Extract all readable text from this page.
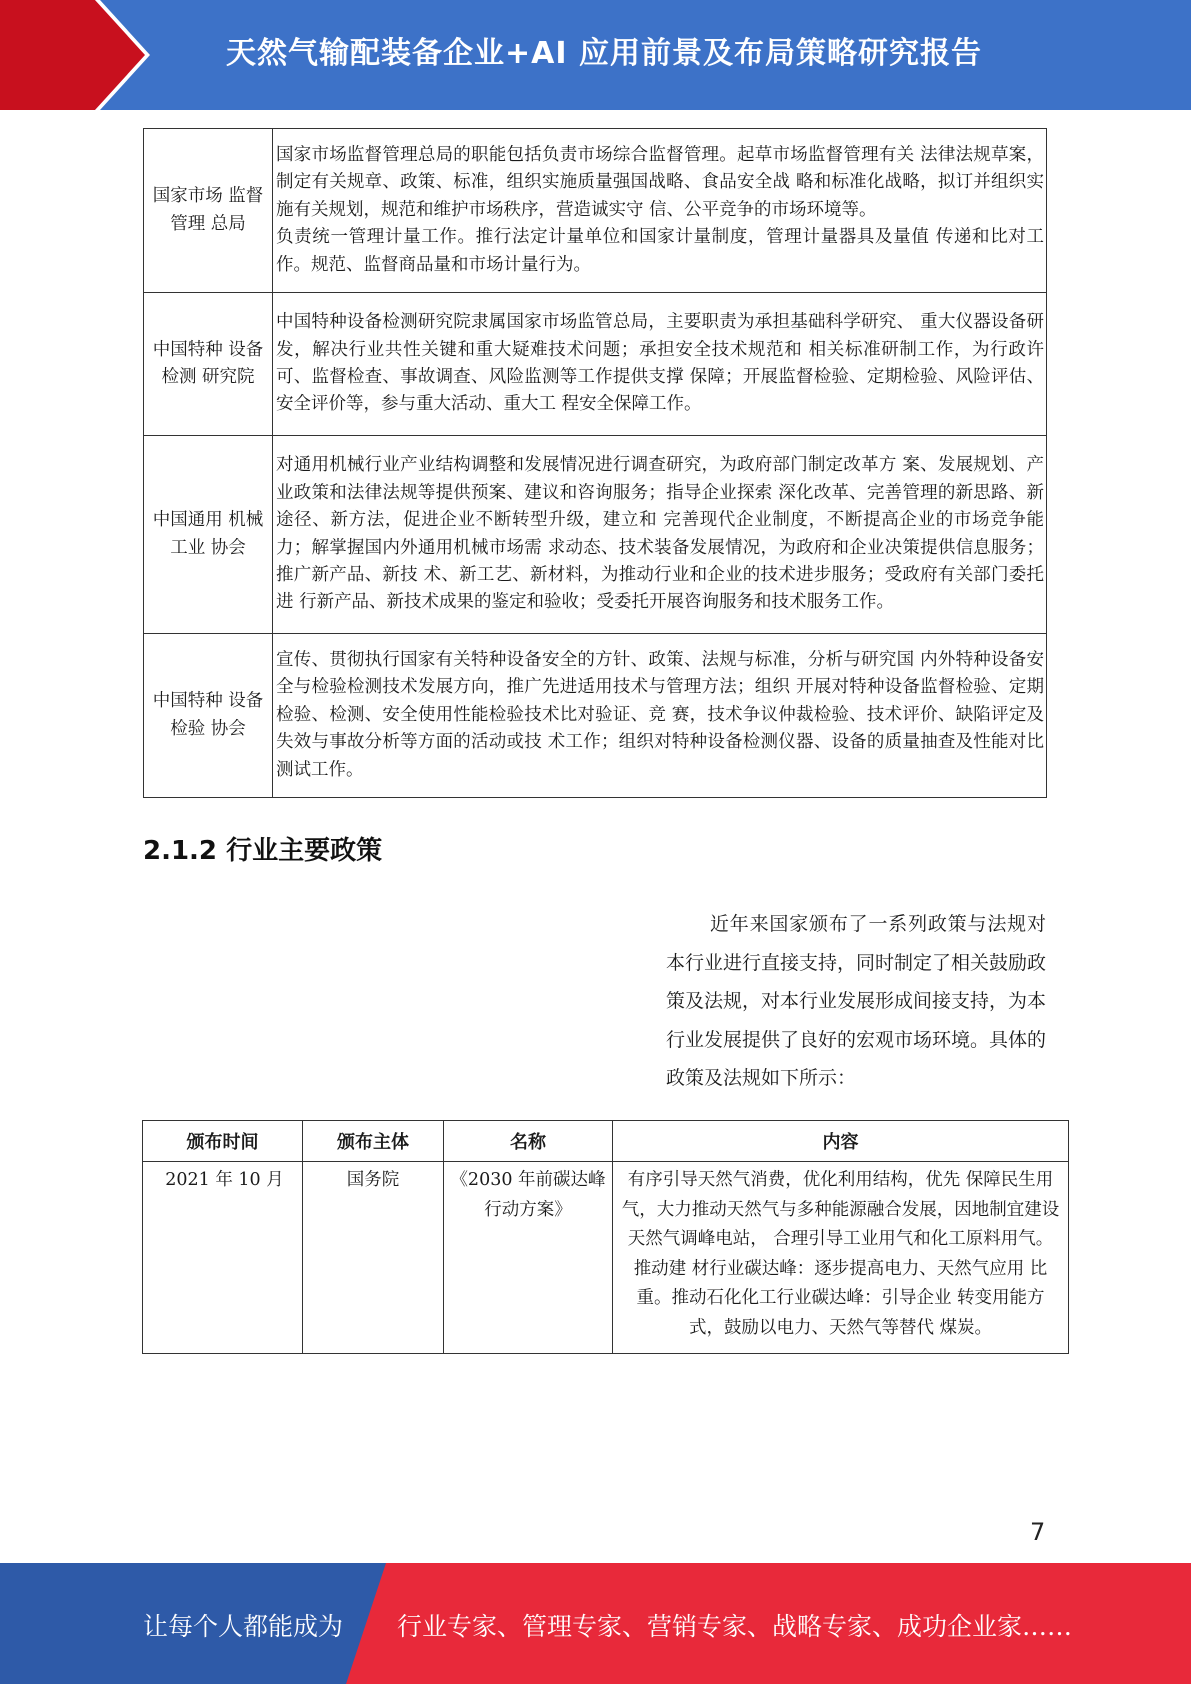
天然气输配装备企业+AI 应用前景及布局策略研究报告
国家市场 监督管理 总局	国家市场监督管理总局的职能包括负责市场综合监督管理。起草市场监督管理有关 法律法规草案，制定有关规章、政策、标准，组织实施质量强国战略、食品安全战 略和标准化战略，拟订并组织实施有关规划，规范和维护市场秩序，营造诚实守 信、公平竞争的市场环境等。
负责统一管理计量工作。推行法定计量单位和国家计量制度，管理计量器具及量值 传递和比对工作。规范、监督商品量和市场计量行为。

中国特种 设备检测 研究院	中国特种设备检测研究院隶属国家市场监管总局，主要职责为承担基础科学研究、 重大仪器设备研发，解决行业共性关键和重大疑难技术问题；承担安全技术规范和 相关标准研制工作，为行政许可、监督检查、事故调查、风险监测等工作提供支撑 保障；开展监督检验、定期检验、风险评估、安全评价等，参与重大活动、重大工 程安全保障工作。

中国通用 机械工业 协会	对通用机械行业产业结构调整和发展情况进行调查研究，为政府部门制定改革方 案、发展规划、产业政策和法律法规等提供预案、建议和咨询服务；指导企业探索 深化改革、完善管理的新思路、新途径、新方法，促进企业不断转型升级，建立和 完善现代企业制度，不断提高企业的市场竞争能力；解掌握国内外通用机械市场需 求动态、技术装备发展情况，为政府和企业决策提供信息服务；推广新产品、新技 术、新工艺、新材料，为推动行业和企业的技术进步服务；受政府有关部门委托进 行新产品、新技术成果的鉴定和验收；受委托开展咨询服务和技术服务工作。

中国特种 设备检验 协会	宣传、贯彻执行国家有关特种设备安全的方针、政策、法规与标准，分析与研究国 内外特种设备安全与检验检测技术发展方向，推广先进适用技术与管理方法；组织 开展对特种设备监督检验、定期检验、检测、安全使用性能检验技术比对验证、竞 赛，技术争议仲裁检验、技术评价、缺陷评定及失效与事故分析等方面的活动或技 术工作；组织对特种设备检测仪器、设备的质量抽查及性能对比测试工作。
2.1.2 行业主要政策
近年来国家颁布了一系列政策与法规对本行业进行直接支持，同时制定了相关鼓励政策及法规，对本行业发展形成间接支持，为本行业发展提供了良好的宏观市场环境。具体的政策及法规如下所示：
颁布时间	颁布主体	名称	内容
2021 年 10 月	国务院	《2030 年前碳达峰行动方案》	有序引导天然气消费，优化利用结构，优先 保障民生用气，大力推动天然气与多种能源融合发展，因地制宜建设天然气调峰电站， 合理引导工业用气和化工原料用气。推动建 材行业碳达峰：逐步提高电力、天然气应用 比重。推动石化化工行业碳达峰：引导企业 转变用能方式，鼓励以电力、天然气等替代 煤炭。
7
让每个人都能成为 行业专家、管理专家、营销专家、战略专家、成功企业家……
